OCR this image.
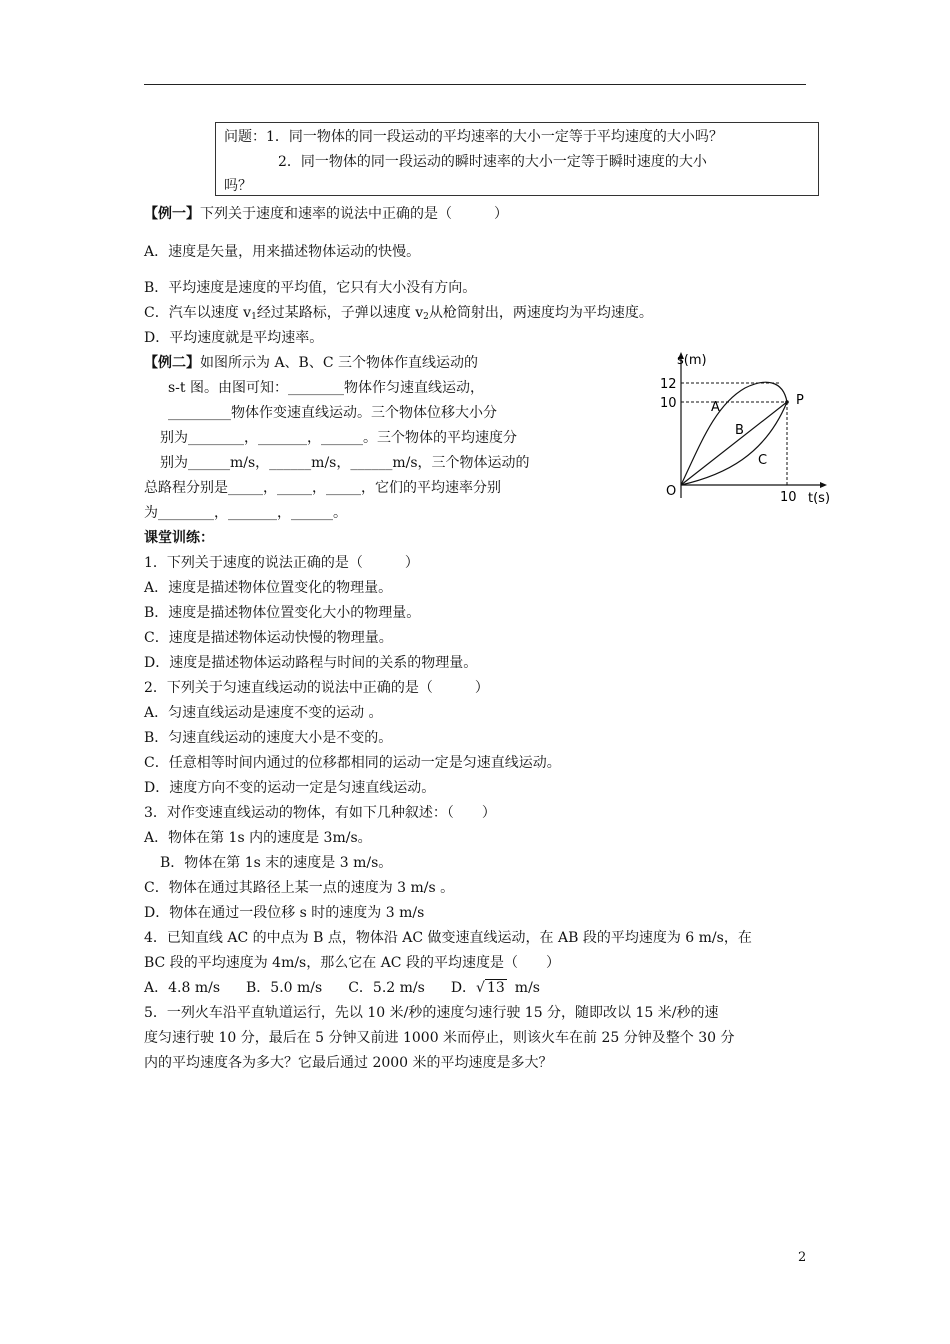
问题：1．同一物体的同一段运动的平均速率的大小一定等于平均速度的大小吗？
2．同一物体的同一段运动的瞬时速率的大小一定等于瞬时速度的大小
吗？
【例一】下列关于速度和速率的说法中正确的是（　　　）
A．速度是矢量，用来描述物体运动的快慢。
B．平均速度是速度的平均值，它只有大小没有方向。
C．汽车以速度 $v_1$经过某路标，子弹以速度 $v_2$从枪筒射出，两速度均为平均速度。
D．平均速度就是平均速率。
【例二】如图所示为 A、B、C 三个物体作直线运动的
s-t 图。由图可知：________物体作匀速直线运动，
_________物体作变速直线运动。三个物体位移大小分
别为________，_______，______。三个物体的平均速度分
别为______m/s，______m/s，______m/s，三个物体运动的
总路程分别是_____，_____，_____，它们的平均速率分别
为________，_______，______。
s(m)
12
10
10 t(s)
O
P
A
B
C
课堂训练：
1．下列关于速度的说法正确的是（　　　）
A．速度是描述物体位置变化的物理量。
B．速度是描述物体位置变化大小的物理量。
C．速度是描述物体运动快慢的物理量。
D．速度是描述物体运动路程与时间的关系的物理量。
2．下列关于匀速直线运动的说法中正确的是（　　　）
A．匀速直线运动是速度不变的运动 。
B．匀速直线运动的速度大小是不变的。
C．任意相等时间内通过的位移都相同的运动一定是匀速直线运动。
D．速度方向不变的运动一定是匀速直线运动。
3．对作变速直线运动的物体，有如下几种叙述：（　　）
A．物体在第 1s 内的速度是 3m/s。
B．物体在第 1s 末的速度是 3 m/s。
C．物体在通过其路径上某一点的速度为 3 m/s 。
D．物体在通过一段位移 s 时的速度为 3 m/s
4．已知直线 AC 的中点为 B 点，物体沿 AC 做变速直线运动，在 AB 段的平均速度为 6 m/s，在
BC 段的平均速度为 4m/s，那么它在 AC 段的平均速度是（　　）
A．4.8 m/s B．5.0 m/s C．5.2 m/s D．√ 13 m/s
5．一列火车沿平直轨道运行，先以 10 米/秒的速度匀速行驶 15 分，随即改以 15 米/秒的速
度匀速行驶 10 分，最后在 5 分钟又前进 1000 米而停止，则该火车在前 25 分钟及整个 30 分
内的平均速度各为多大？它最后通过 2000 米的平均速度是多大？
2
